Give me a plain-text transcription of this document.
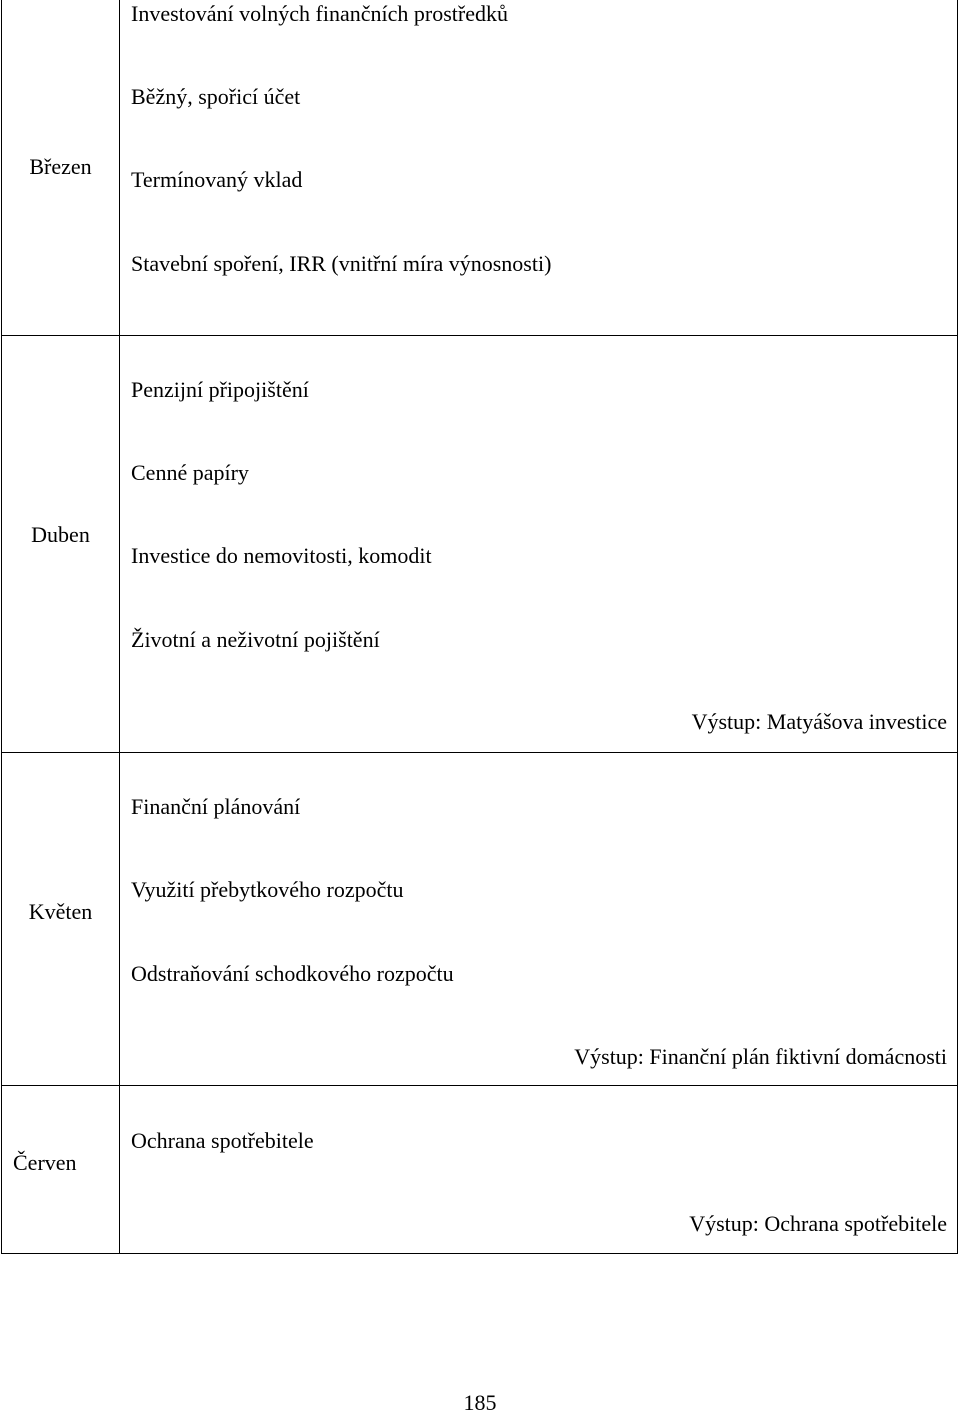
Březen	Investování volných finančních prostředků
Běžný, spořicí účet
Termínovaný vklad
Stavební spoření, IRR (vnitřní míra výnosnosti)

Duben	Penzijní připojištění
Cenné papíry
Investice do nemovitosti, komodit
Životní a neživotní pojištění
Výstup: Matyášova investice

Květen	Finanční plánování
Využití přebytkového rozpočtu
Odstraňování schodkového rozpočtu
Výstup: Finanční plán fiktivní domácnosti

Červen	Ochrana spotřebitele
Výstup: Ochrana spotřebitele
185
